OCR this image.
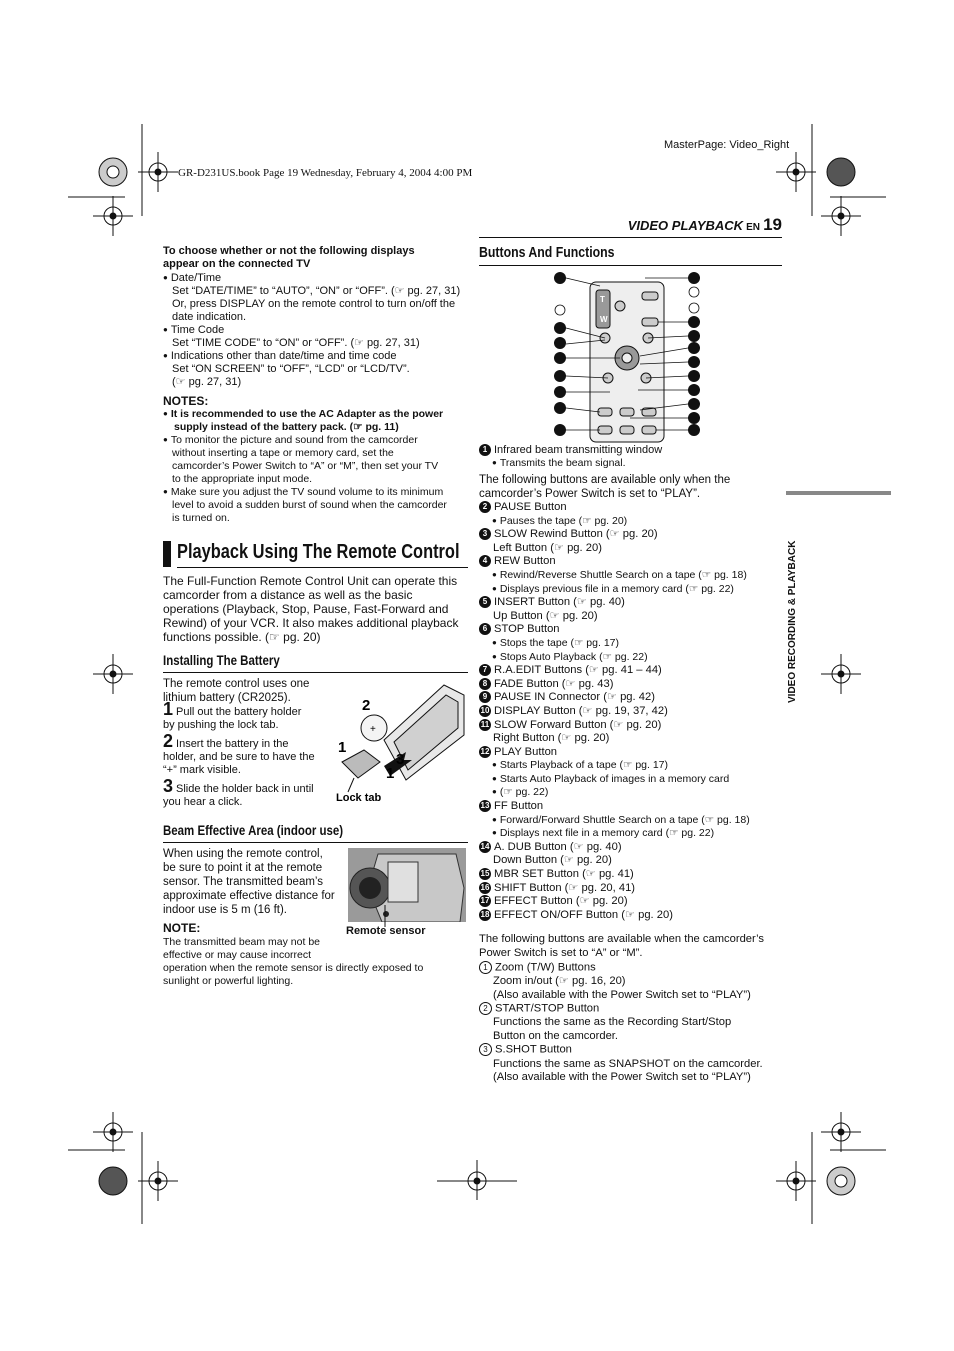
GR-D231US.book Page 19 Wednesday, February 4, 2004 4:00 PM
MasterPage: Video_Right
VIDEO PLAYBACK EN 19
VIDEO RECORDING & PLAYBACK
To choose whether or not the following displays
appear on the connected TV
● Date/Time
Set “DATE/TIME” to “AUTO”, “ON” or “OFF”. (☞ pg. 27, 31)
Or, press DISPLAY on the remote control to turn on/off the
date indication.
● Time Code
Set “TIME CODE” to “ON” or “OFF”. (☞ pg. 27, 31)
● Indications other than date/time and time code
Set “ON SCREEN” to “OFF”, “LCD” or “LCD/TV”.
(☞ pg. 27, 31)
NOTES:
● It is recommended to use the AC Adapter as the power
supply instead of the battery pack. (☞ pg. 11)
● To monitor the picture and sound from the camcorder
without inserting a tape or memory card, set the
camcorder’s Power Switch to “A” or “M”, then set your TV
to the appropriate input mode.
● Make sure you adjust the TV sound volume to its minimum
level to avoid a sudden burst of sound when the camcorder
is turned on.
Playback Using The Remote Control
The Full-Function Remote Control Unit can operate this
camcorder from a distance as well as the basic
operations (Playback, Stop, Pause, Fast-Forward and
Rewind) of your VCR. It also makes additional playback
functions possible. (☞ pg. 20)
Installing The Battery
The remote control uses one
lithium battery (CR2025).
1 Pull out the battery holder
by pushing the lock tab.
2 Insert the battery in the
holder, and be sure to have the
“+” mark visible.
3 Slide the holder back in until
you hear a click.
2
1
3
1
+
Lock tab
Beam Effective Area (indoor use)
When using the remote control,
be sure to point it at the remote
sensor. The transmitted beam’s
approximate effective distance for
indoor use is 5 m (16 ft).
Remote sensor
NOTE:
The transmitted beam may not be
effective or may cause incorrect
operation when the remote sensor is directly exposed to
sunlight or powerful lighting.
Buttons And Functions
T
W
1 Infrared beam transmitting window
● Transmits the beam signal.
The following buttons are available only when the
camcorder’s Power Switch is set to “PLAY”.
2 PAUSE Button
● Pauses the tape (☞ pg. 20)
3 SLOW Rewind Button (☞ pg. 20)
Left Button (☞ pg. 20)
4 REW Button
● Rewind/Reverse Shuttle Search on a tape (☞ pg. 18)
● Displays previous file in a memory card (☞ pg. 22)
5 INSERT Button (☞ pg. 40)
Up Button (☞ pg. 20)
6 STOP Button
● Stops the tape (☞ pg. 17)
● Stops Auto Playback (☞ pg. 22)
7 R.A.EDIT Buttons (☞ pg. 41 – 44)
8 FADE Button (☞ pg. 43)
9 PAUSE IN Connector (☞ pg. 42)
10 DISPLAY Button (☞ pg. 19, 37, 42)
11 SLOW Forward Button (☞ pg. 20)
Right Button (☞ pg. 20)
12 PLAY Button
● Starts Playback of a tape (☞ pg. 17)
● Starts Auto Playback of images in a memory card
● (☞ pg. 22)
13 FF Button
● Forward/Forward Shuttle Search on a tape (☞ pg. 18)
● Displays next file in a memory card (☞ pg. 22)
14 A. DUB Button (☞ pg. 40)
Down Button (☞ pg. 20)
15 MBR SET Button (☞ pg. 41)
16 SHIFT Button (☞ pg. 20, 41)
17 EFFECT Button (☞ pg. 20)
18 EFFECT ON/OFF Button (☞ pg. 20)
The following buttons are available when the camcorder’s
Power Switch is set to “A” or “M”.
1 Zoom (T/W) Buttons
Zoom in/out (☞ pg. 16, 20)
(Also available with the Power Switch set to “PLAY”)
2 START/STOP Button
Functions the same as the Recording Start/Stop
Button on the camcorder.
3 S.SHOT Button
Functions the same as SNAPSHOT on the camcorder.
(Also available with the Power Switch set to “PLAY”)
